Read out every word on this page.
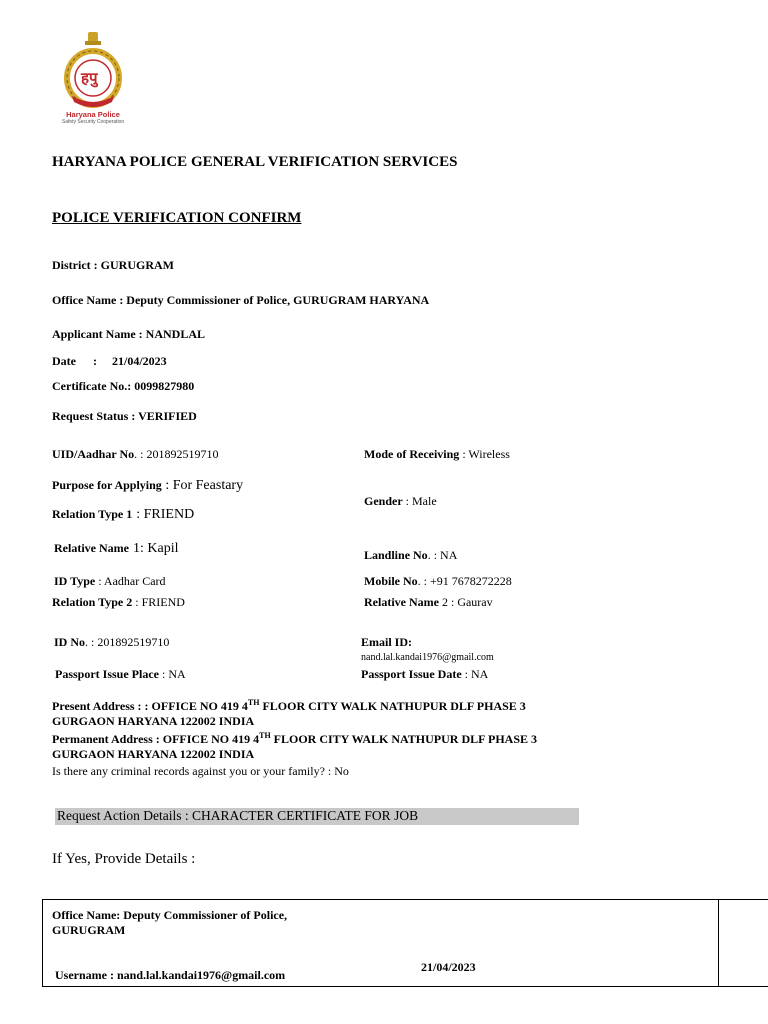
हपु
Haryana Police
Safety Security Cooperation
HARYANA POLICE GENERAL VERIFICATION SERVICES
POLICE VERIFICATION CONFIRM
District : GURUGRAM
Office Name : Deputy Commissioner of Police, GURUGRAM HARYANA
Applicant Name : NANDLAL
Date : 21/04/2023
Certificate No.: 0099827980
Request Status : VERIFIED
UID/Aadhar No. : 201892519710	Mode of Receiving : Wireless
Purpose for Applying : For Feastary
Gender : Male
Relation Type 1 : FRIEND
Relative Name 1: Kapil	Landline No. : NA
ID Type : Aadhar Card	Mobile No. : +91 7678272228
Relation Type 2 : FRIEND	Relative Name 2 : Gaurav
ID No. : 201892519710	Email ID:
nand.lal.kandai1976@gmail.com
Passport Issue Place : NA	Passport Issue Date : NA
Present Address : : OFFICE NO 419 4TH FLOOR CITY WALK NATHUPUR DLF PHASE 3
GURGAON HARYANA 122002 INDIA
Permanent Address : OFFICE NO 419 4TH FLOOR CITY WALK NATHUPUR DLF PHASE 3
GURGAON HARYANA 122002 INDIA
Is there any criminal records against you or your family? : No
Request Action Details : CHARACTER CERTIFICATE FOR JOB
If Yes, Provide Details :
Office Name: Deputy Commissioner of Police,
GURUGRAM
21/04/2023
Username : nand.lal.kandai1976@gmail.com
